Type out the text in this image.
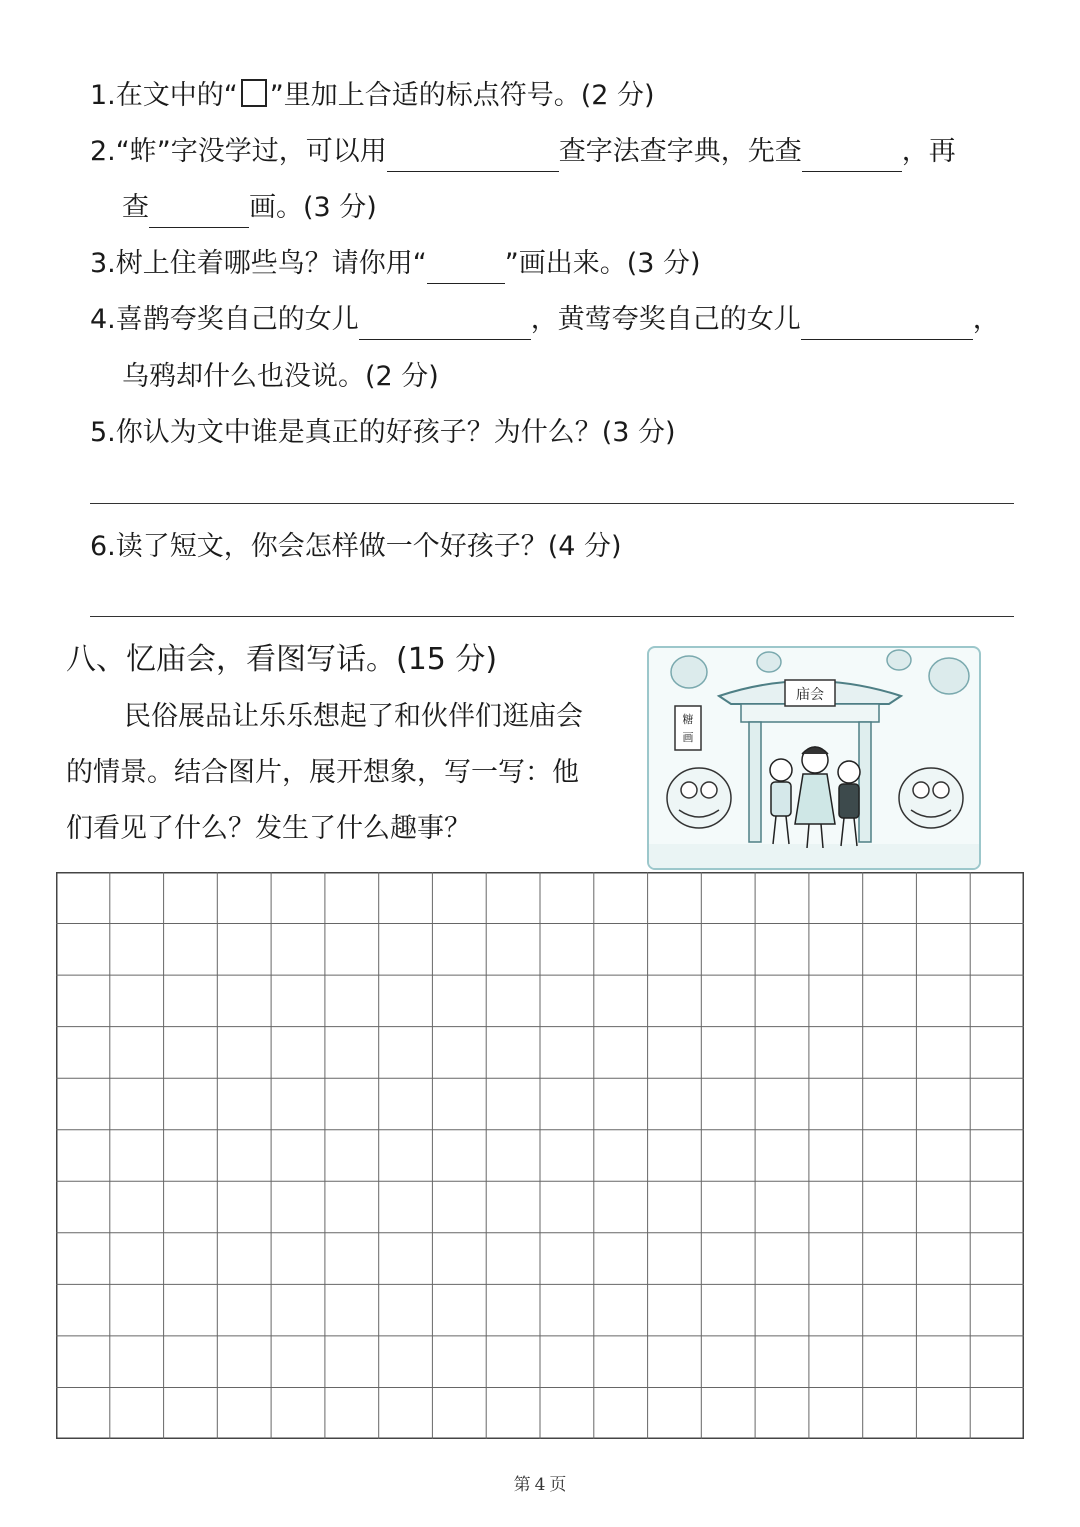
1.在文中的“ ”里加上合适的标点符号。(2 分)
2.“蚱”字没学过，可以用	查字法查字典，先查	，再
查	画。(3 分)
3.树上住着哪些鸟？请你用“	”画出来。(3 分)
4.喜鹊夸奖自己的女儿	，黄莺夸奖自己的女儿	，
乌鸦却什么也没说。(2 分)
5.你认为文中谁是真正的好孩子？为什么？(3 分)
6.读了短文，你会怎样做一个好孩子？(4 分)
八、忆庙会，看图写话。(15 分)
民俗展品让乐乐想起了和伙伴们逛庙会
的情景。结合图片，展开想象，写一写：他
们看见了什么？发生了什么趣事？
庙会
糖
画
第 4 页
